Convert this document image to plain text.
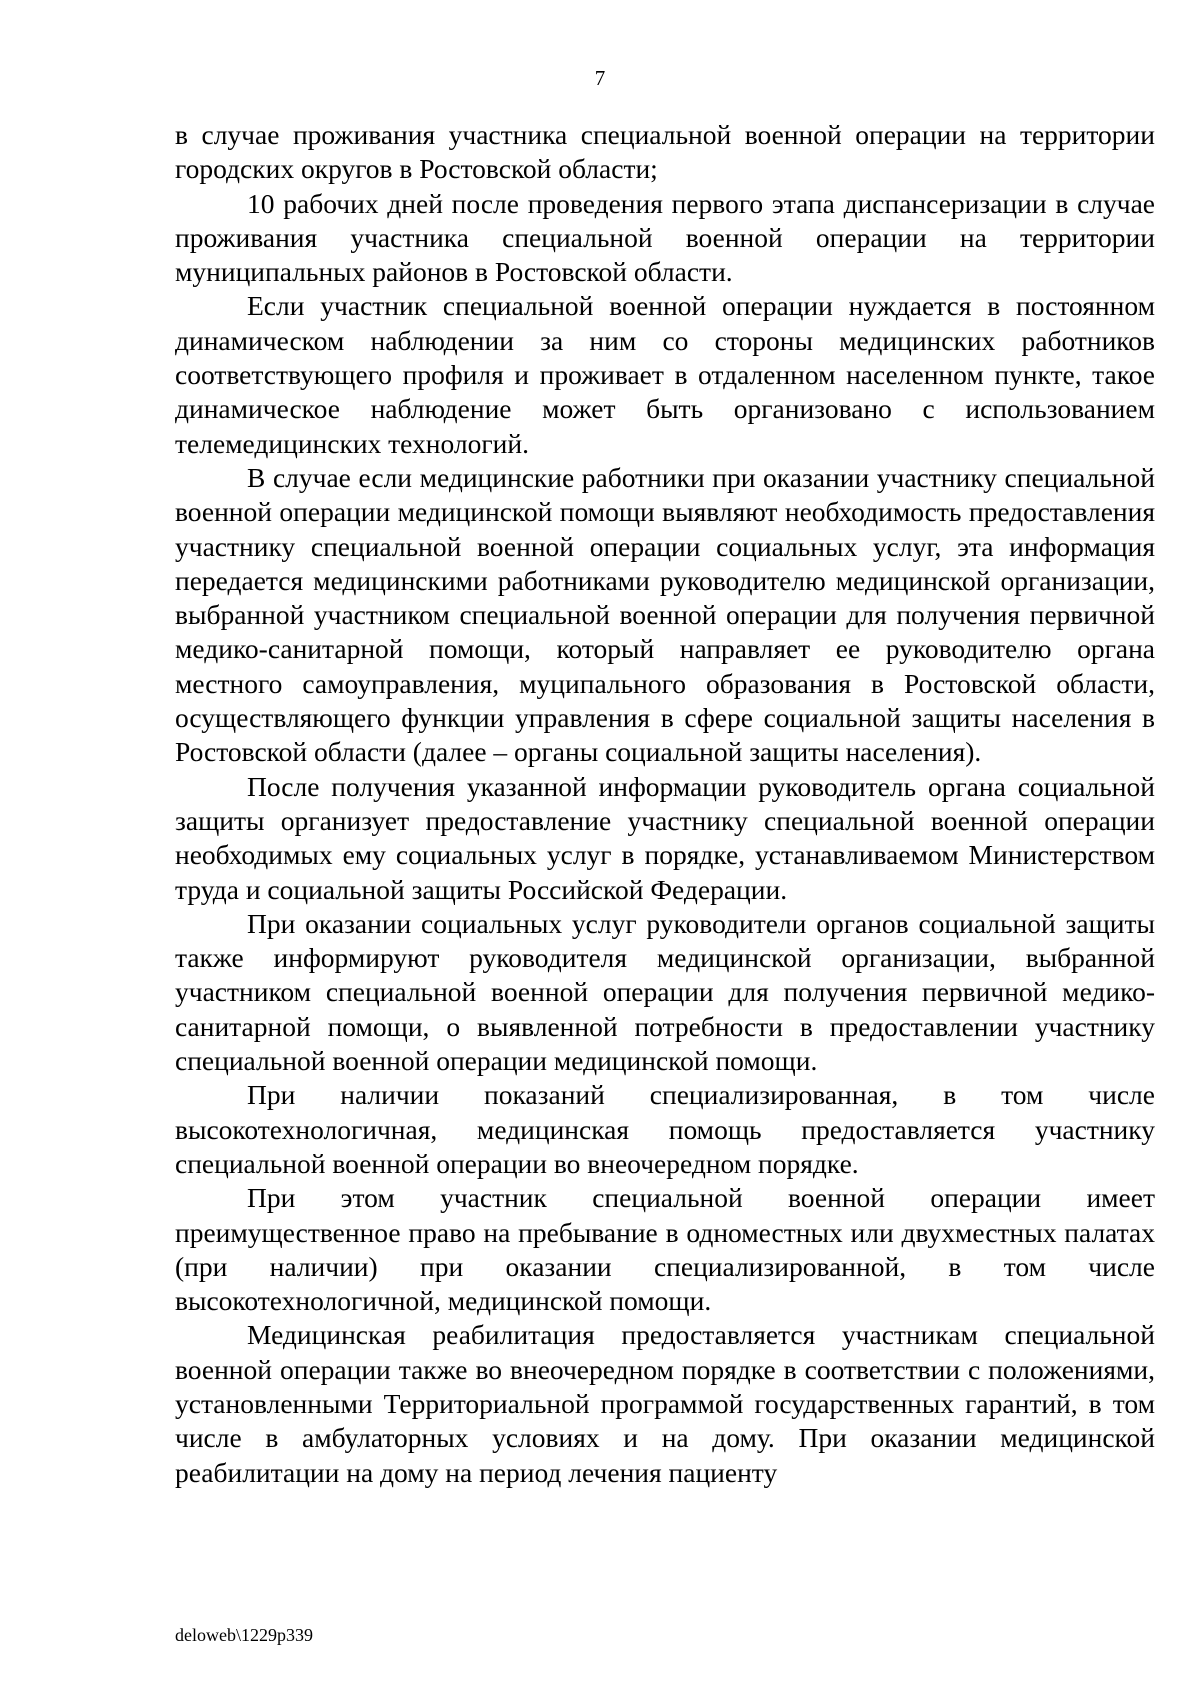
7

в случае проживания участника специальной военной операции на территории городских округов в Ростовской области;

10 рабочих дней после проведения первого этапа диспансеризации в случае проживания участника специальной военной операции на территории муниципальных районов в Ростовской области.

Если участник специальной военной операции нуждается в постоянном динамическом наблюдении за ним со стороны медицинских работников соответствующего профиля и проживает в отдаленном населенном пункте, такое динамическое наблюдение может быть организовано с использованием телемедицинских технологий.

В случае если медицинские работники при оказании участнику специальной военной операции медицинской помощи выявляют необходимость предоставления участнику специальной военной операции социальных услуг, эта информация передается медицинскими работниками руководителю медицинской организации, выбранной участником специальной военной операции для получения первичной медико-санитарной помощи, который направляет ее руководителю органа местного самоуправления, муципального образования в Ростовской области, осуществляющего функции управления в сфере социальной защиты населения в Ростовской области (далее – органы социальной защиты населения).

После получения указанной информации руководитель органа социальной защиты организует предоставление участнику специальной военной операции необходимых ему социальных услуг в порядке, устанавливаемом Министерством труда и социальной защиты Российской Федерации.

При оказании социальных услуг руководители органов социальной защиты также информируют руководителя медицинской организации, выбранной участником специальной военной операции для получения первичной медико-санитарной помощи, о выявленной потребности в предоставлении участнику специальной военной операции медицинской помощи.

При наличии показаний специализированная, в том числе высокотехнологичная, медицинская помощь предоставляется участнику специальной военной операции во внеочередном порядке.

При этом участник специальной военной операции имеет преимущественное право на пребывание в одноместных или двухместных палатах (при наличии) при оказании специализированной, в том числе высокотехнологичной, медицинской помощи.

Медицинская реабилитация предоставляется участникам специальной военной операции также во внеочередном порядке в соответствии с положениями, установленными Территориальной программой государственных гарантий, в том числе в амбулаторных условиях и на дому. При оказании медицинской реабилитации на дому на период лечения пациенту

deloweb\1229p339
